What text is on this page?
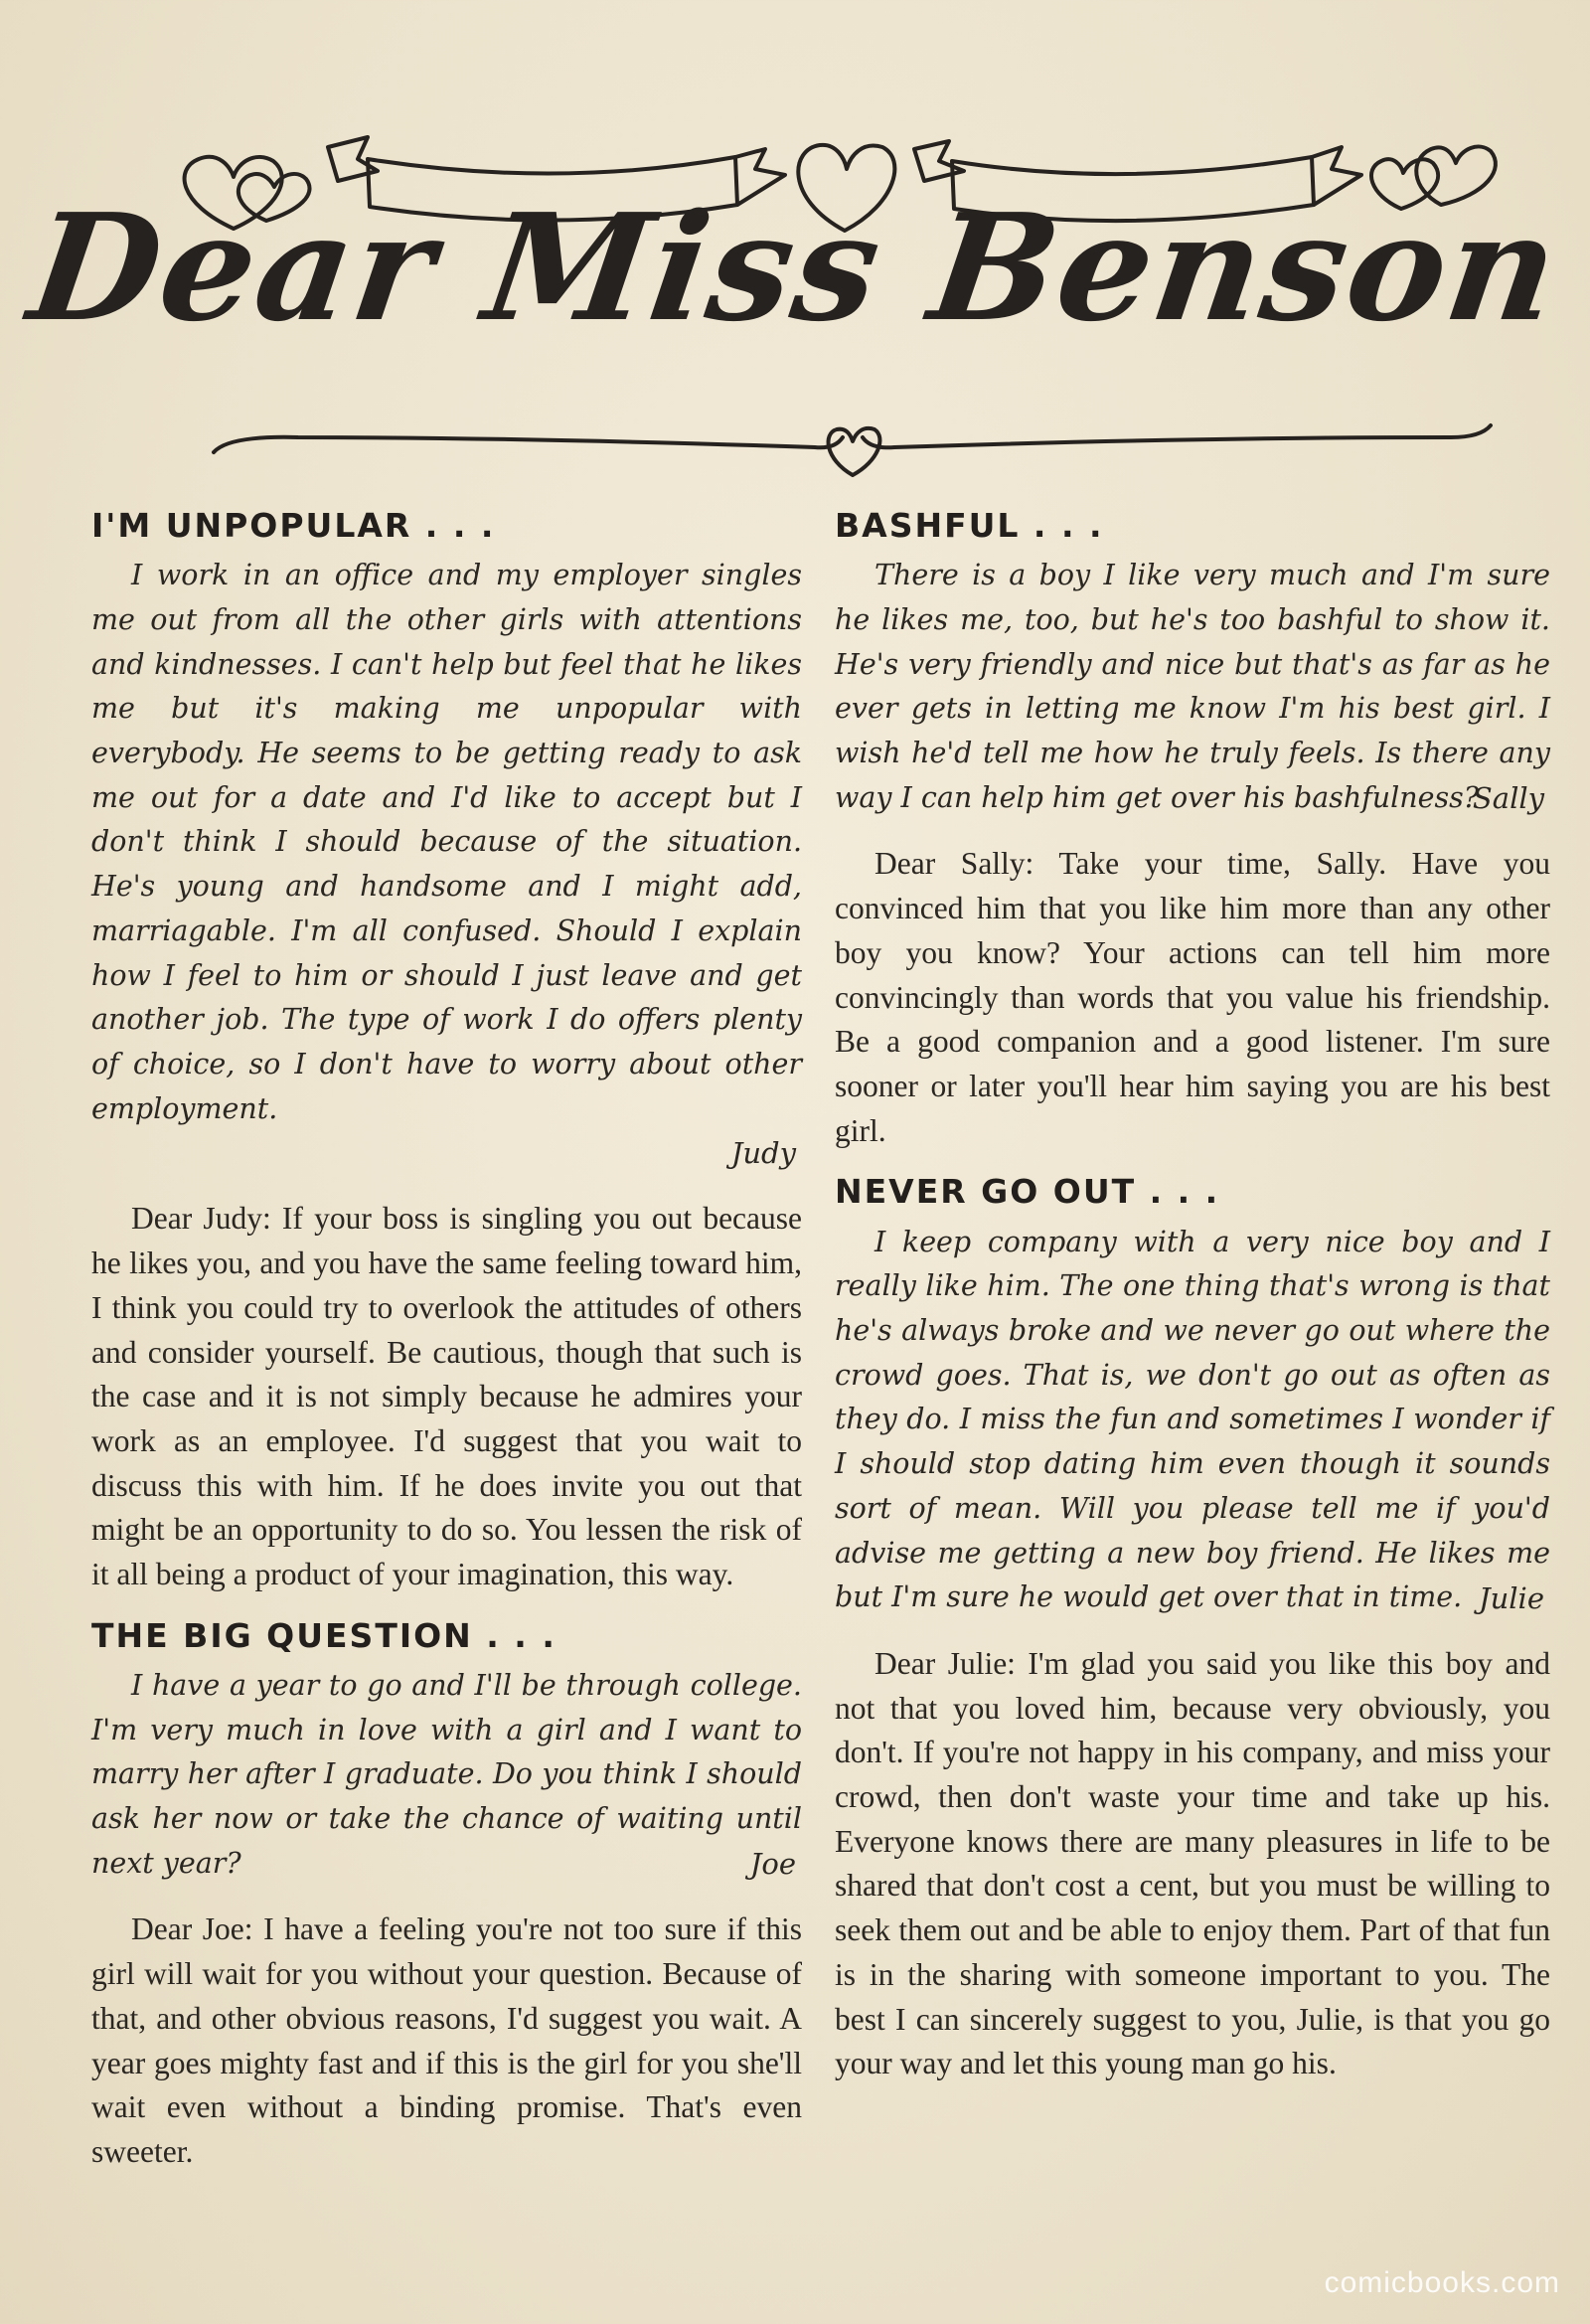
Dear Miss Benson
I'M UNPOPULAR . . .

I work in an office and my employer singles me out from all the other girls with attentions and kindnesses. I can't help but feel that he likes me but it's making me unpopular with everybody. He seems to be getting ready to ask me out for a date and I'd like to accept but I don't think I should because of the situation. He's young and handsome and I might add, marriagable. I'm all confused. Should I explain how I feel to him or should I just leave and get another job. The type of work I do offers plenty of choice, so I don't have to worry about other employment.

Judy

Dear Judy: If your boss is singling you out because he likes you, and you have the same feeling toward him, I think you could try to overlook the attitudes of others and consider yourself. Be cautious, though that such is the case and it is not simply because he admires your work as an employee. I'd suggest that you wait to discuss this with him. If he does invite you out that might be an opportunity to do so. You lessen the risk of it all being a product of your imagination, this way.

THE BIG QUESTION . . .

I have a year to go and I'll be through college. I'm very much in love with a girl and I want to marry her after I graduate. Do you think I should ask her now or take the chance of waiting until next year?	Joe

Dear Joe: I have a feeling you're not too sure if this girl will wait for you without your question. Because of that, and other obvious reasons, I'd suggest you wait. A year goes mighty fast and if this is the girl for you she'll wait even without a binding promise. That's even sweeter.

BASHFUL . . .

There is a boy I like very much and I'm sure he likes me, too, but he's too bashful to show it. He's very friendly and nice but that's as far as he ever gets in letting me know I'm his best girl. I wish he'd tell me how he truly feels. Is there any way I can help him get over his bashfulness?

Sally

Dear Sally: Take your time, Sally. Have you convinced him that you like him more than any other boy you know? Your actions can tell him more convincingly than words that you value his friendship. Be a good companion and a good listener. I'm sure sooner or later you'll hear him saying you are his best girl.

NEVER GO OUT . . .

I keep company with a very nice boy and I really like him. The one thing that's wrong is that he's always broke and we never go out where the crowd goes. That is, we don't go out as often as they do. I miss the fun and sometimes I wonder if I should stop dating him even though it sounds sort of mean. Will you please tell me if you'd advise me getting a new boy friend. He likes me but I'm sure he would get over that in time. Julie

Dear Julie: I'm glad you said you like this boy and not that you loved him, because very obviously, you don't. If you're not happy in his company, and miss your crowd, then don't waste your time and take up his. Everyone knows there are many pleasures in life to be shared that don't cost a cent, but you must be willing to seek them out and be able to enjoy them. Part of that fun is in the sharing with someone important to you. The best I can sincerely suggest to you, Julie, is that you go your way and let this young man go his.

comicbooks.com
